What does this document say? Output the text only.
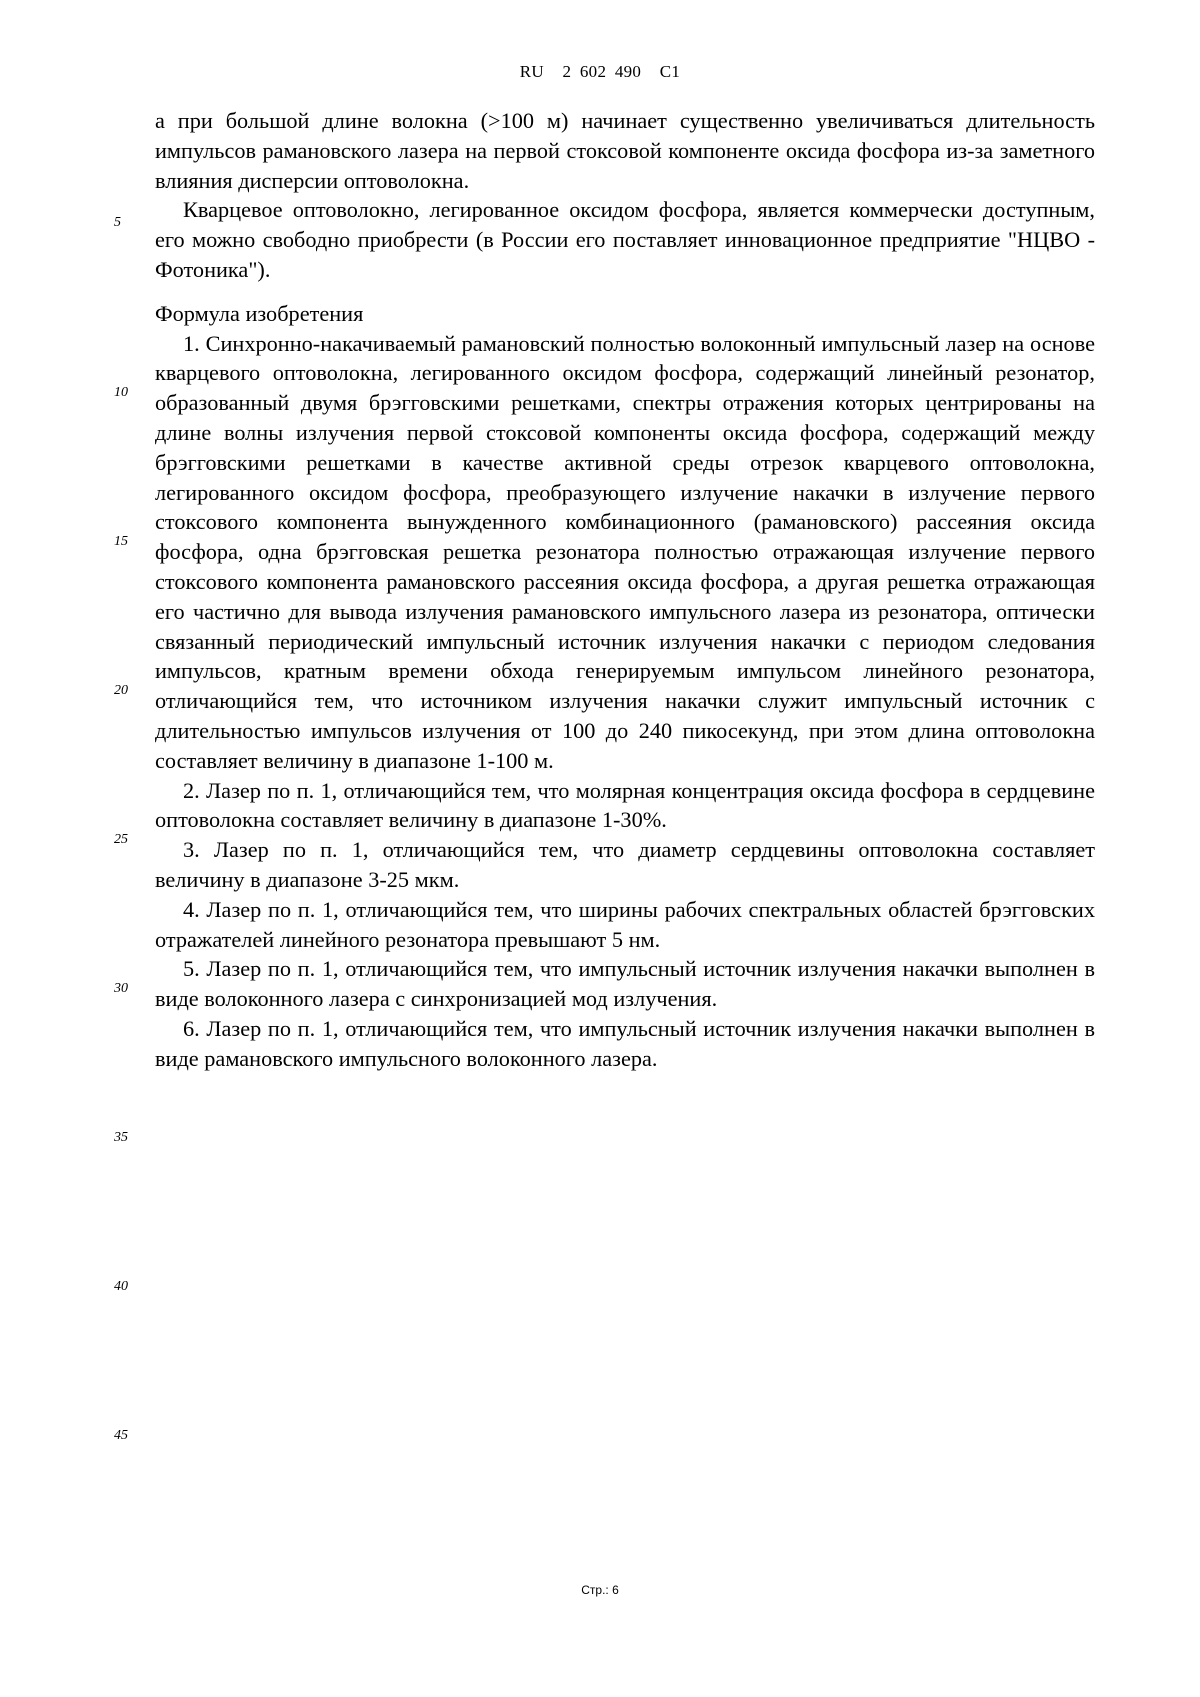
RU 2 602 490 C1
5
10
15
20
25
30
35
40
45

а при большой длине волокна (>100 м) начинает существенно увеличиваться длительность импульсов рамановского лазера на первой стоксовой компоненте оксида фосфора из-за заметного влияния дисперсии оптоволокна.

Кварцевое оптоволокно, легированное оксидом фосфора, является коммерчески доступным, его можно свободно приобрести (в России его поставляет инновационное предприятие "НЦВО - Фотоника").

Формула изобретения

1. Синхронно-накачиваемый рамановский полностью волоконный импульсный лазер на основе кварцевого оптоволокна, легированного оксидом фосфора, содержащий линейный резонатор, образованный двумя брэгговскими решетками, спектры отражения которых центрированы на длине волны излучения первой стоксовой компоненты оксида фосфора, содержащий между брэгговскими решетками в качестве активной среды отрезок кварцевого оптоволокна, легированного оксидом фосфора, преобразующего излучение накачки в излучение первого стоксового компонента вынужденного комбинационного (рамановского) рассеяния оксида фосфора, одна брэгговская решетка резонатора полностью отражающая излучение первого стоксового компонента рамановского рассеяния оксида фосфора, а другая решетка отражающая его частично для вывода излучения рамановского импульсного лазера из резонатора, оптически связанный периодический импульсный источник излучения накачки с периодом следования импульсов, кратным времени обхода генерируемым импульсом линейного резонатора, отличающийся тем, что источником излучения накачки служит импульсный источник с длительностью импульсов излучения от 100 до 240 пикосекунд, при этом длина оптоволокна составляет величину в диапазоне 1-100 м.

2. Лазер по п. 1, отличающийся тем, что молярная концентрация оксида фосфора в сердцевине оптоволокна составляет величину в диапазоне 1-30%.

3. Лазер по п. 1, отличающийся тем, что диаметр сердцевины оптоволокна составляет величину в диапазоне 3-25 мкм.

4. Лазер по п. 1, отличающийся тем, что ширины рабочих спектральных областей брэгговских отражателей линейного резонатора превышают 5 нм.

5. Лазер по п. 1, отличающийся тем, что импульсный источник излучения накачки выполнен в виде волоконного лазера с синхронизацией мод излучения.

6. Лазер по п. 1, отличающийся тем, что импульсный источник излучения накачки выполнен в виде рамановского импульсного волоконного лазера.

Стр.: 6
